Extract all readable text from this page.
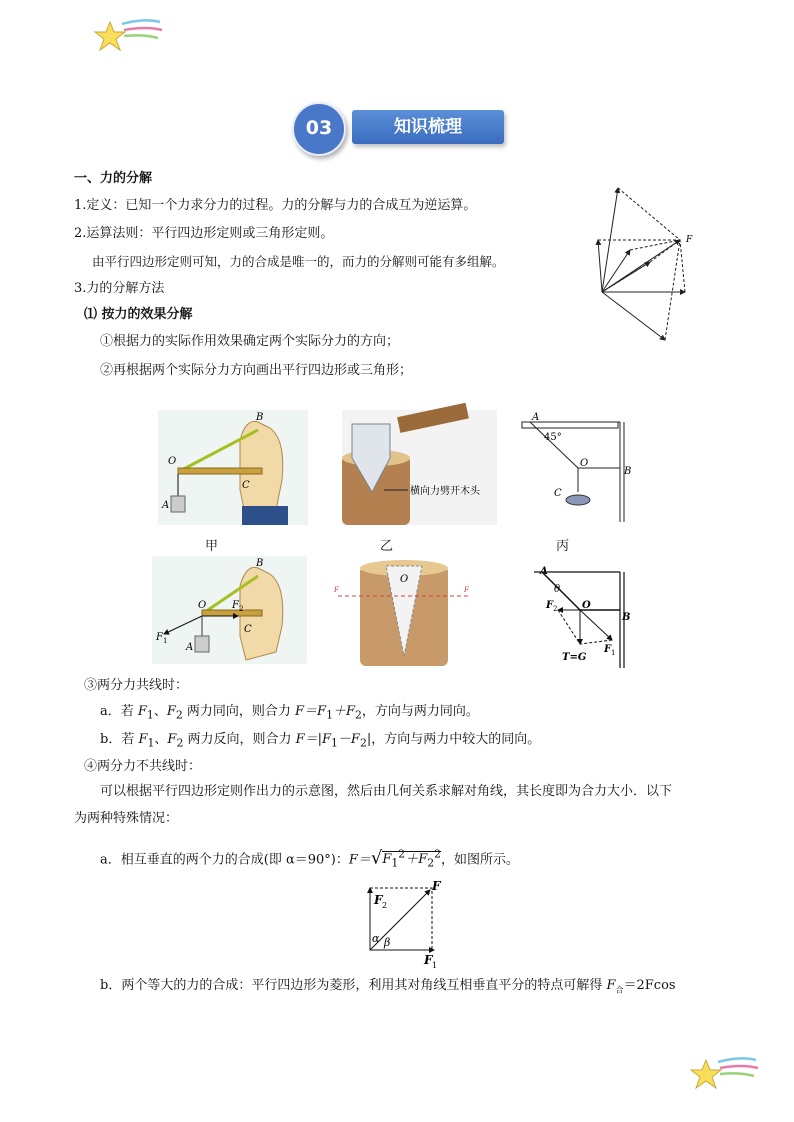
知识梳理
03
一、力的分解
1.定义：已知一个力求分力的过程。力的分解与力的合成互为逆运算。
2.运算法则：平行四边形定则或三角形定则。
由平行四边形定则可知，力的合成是唯一的，而力的分解则可能有多组解。
3.力的分解方法
⑴ 按力的效果分解
①根据力的实际作用效果确定两个实际分力的方向；
②再根据两个实际分力方向画出平行四边形或三角形；
F
O
B
C
A
横向力劈开木头
A
45°
O
B
C
甲	乙	丙
O	F 2
F 1
B
C
A
O
F	F
A
θ
O
F 2
F 1
B
T=G
③两分力共线时：
a．若 $F_1$、$F_2$ 两力同向，则合力 $F=F_1+F_2$，方向与两力同向。
b．若 $F_1$、$F_2$ 两力反向，则合力 $F=|F_1-F_2|$，方向与两力中较大的同向。
④两分力不共线时：
可以根据平行四边形定则作出力的示意图，然后由几何关系求解对角线，其长度即为合力大小．以下
为两种特殊情况：
a．相互垂直的两个力的合成(即 α＝90°)：$F=√F_1^2+F_2^2$，如图所示。
F
F 2
F 1
α β
b．两个等大的力的合成：平行四边形为菱形，利用其对角线互相垂直平分的特点可解得 $F_合=2Fcos$
